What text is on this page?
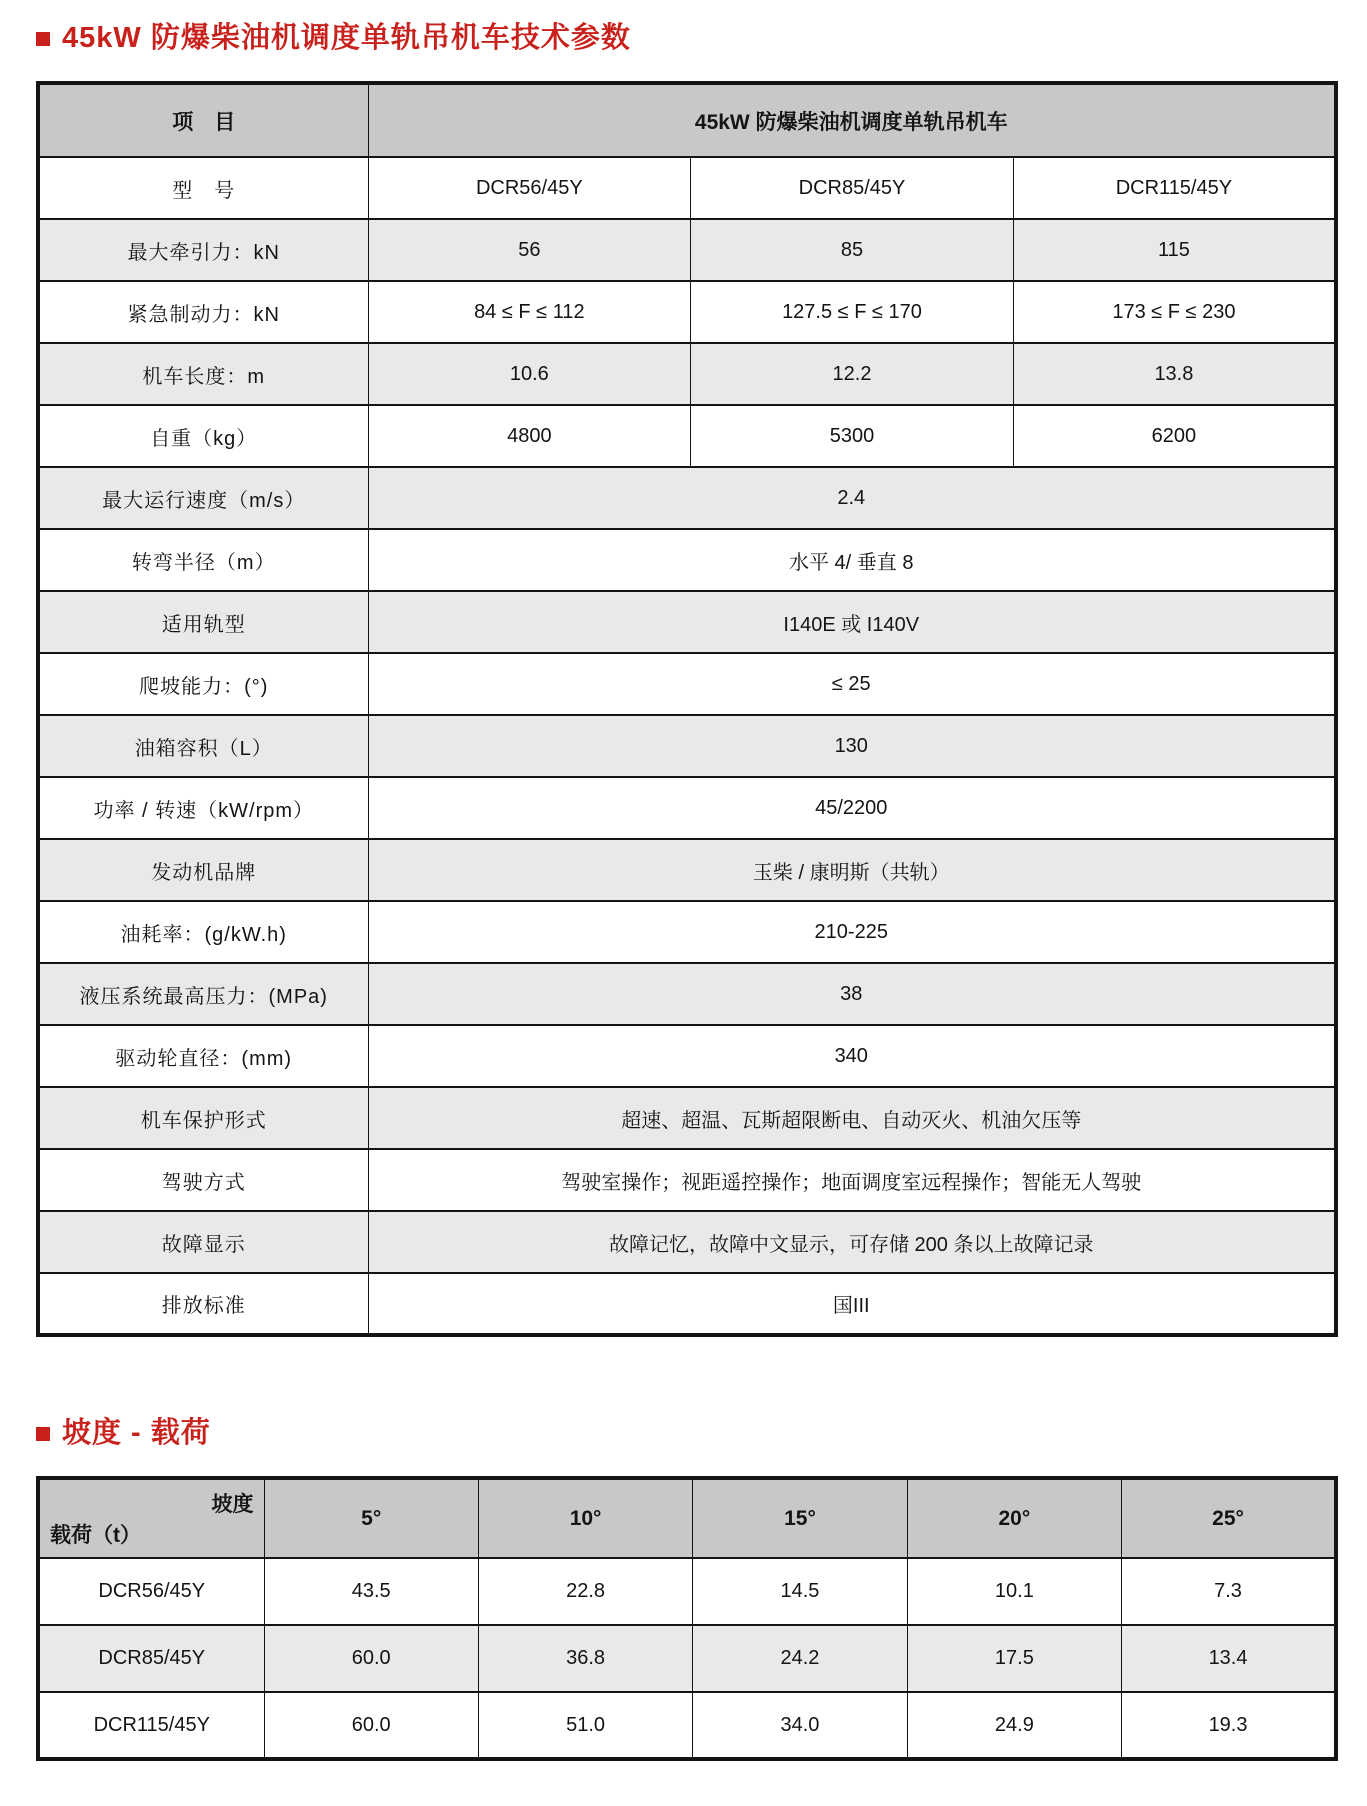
45kW 防爆柴油机调度单轨吊机车技术参数
项　目	45kW 防爆柴油机调度单轨吊机车		
型　号	DCR56/45Y	DCR85/45Y	DCR115/45Y
最大牵引力：kN	56	85	115
紧急制动力：kN	84 ≤ F ≤ 112	127.5 ≤ F ≤ 170	173 ≤ F ≤ 230
机车长度：m	10.6	12.2	13.8
自重（kg）	4800	5300	6200
最大运行速度（m/s）	2.4		
转弯半径（m）	水平 4/ 垂直 8		
适用轨型	I140E 或 I140V		
爬坡能力：(°)	≤ 25		
油箱容积（L）	130		
功率 / 转速（kW/rpm）	45/2200		
发动机品牌	玉柴 / 康明斯（共轨）		
油耗率：(g/kW.h)	210-225		
液压系统最高压力：(MPa)	38		
驱动轮直径：(mm)	340		
机车保护形式	超速、超温、瓦斯超限断电、自动灭火、机油欠压等		
驾驶方式	驾驶室操作；视距遥控操作；地面调度室远程操作；智能无人驾驶		
故障显示	故障记忆，故障中文显示，可存储 200 条以上故障记录		
排放标准	国III		
坡度 - 载荷
坡度
载荷（t）	5°	10°	15°	20°	25°
DCR56/45Y	43.5	22.8	14.5	10.1	7.3
DCR85/45Y	60.0	36.8	24.2	17.5	13.4
DCR115/45Y	60.0	51.0	34.0	24.9	19.3
